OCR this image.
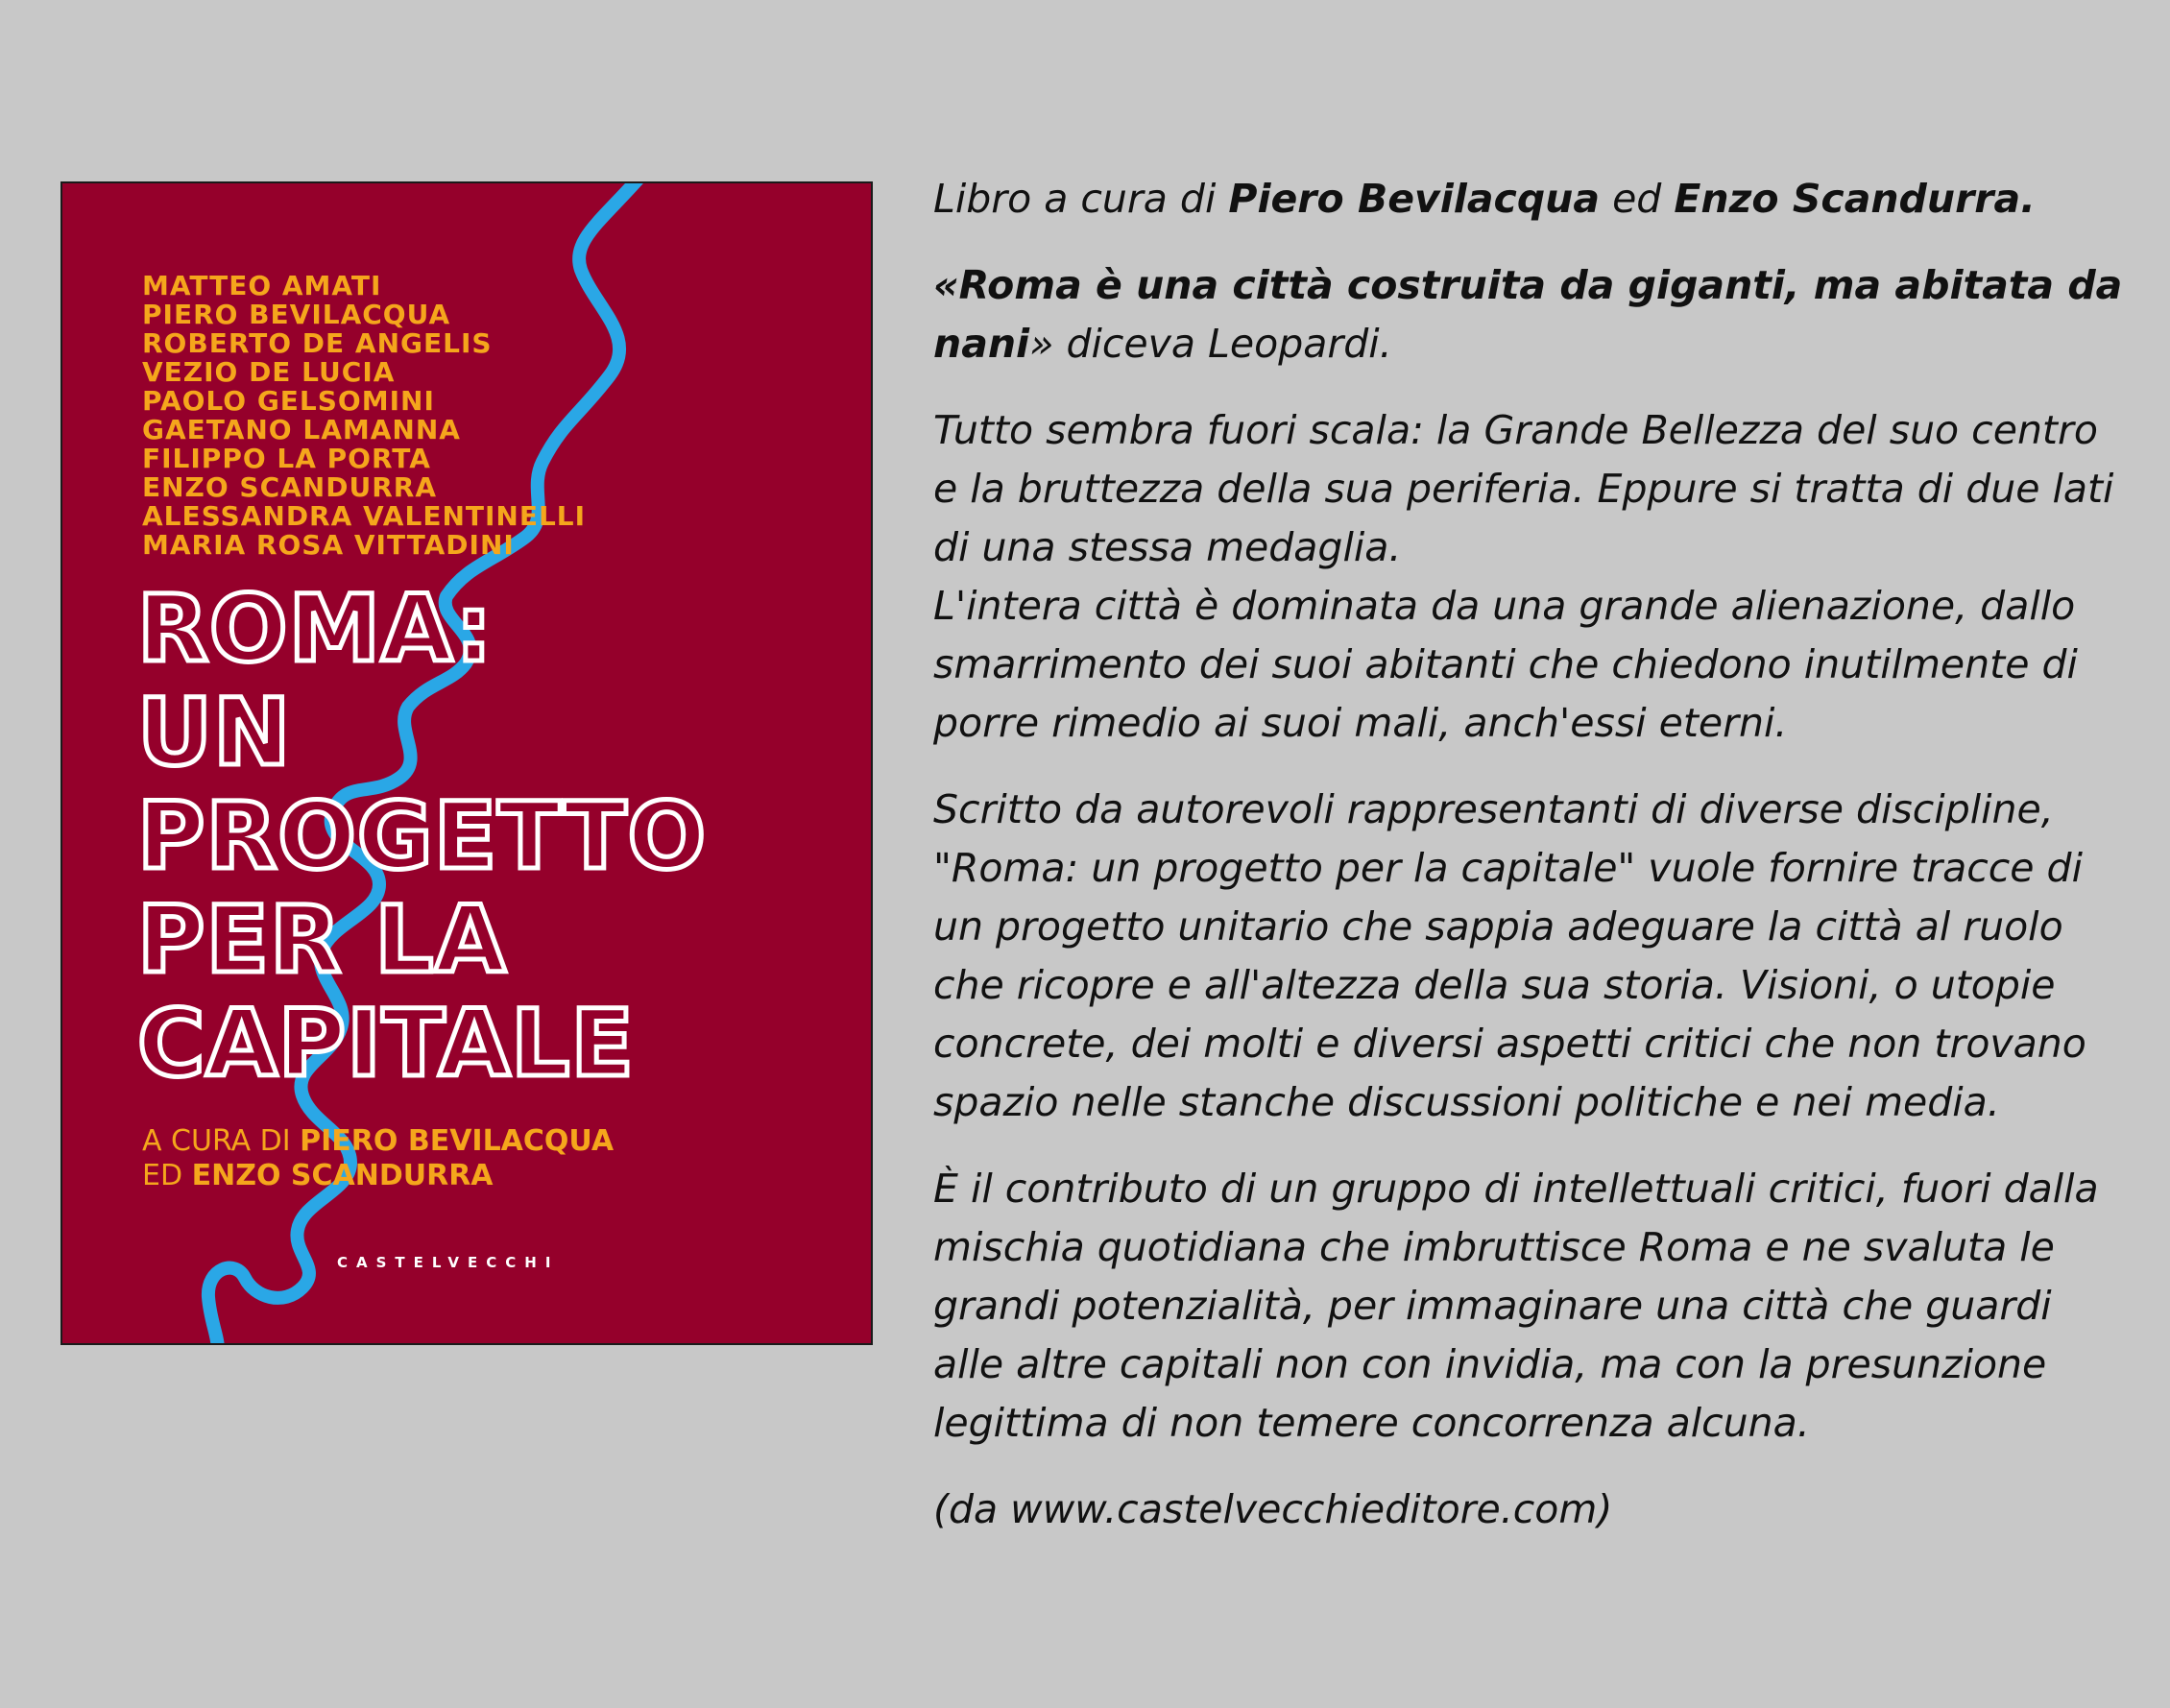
MATTEO AMATI
PIERO BEVILACQUA
ROBERTO DE ANGELIS
VEZIO DE LUCIA
PAOLO GELSOMINI
GAETANO LAMANNA
FILIPPO LA PORTA
ENZO SCANDURRA
ALESSANDRA VALENTINELLI
MARIA ROSA VITTADINI
ROMA:
UN
PROGETTO
PER LA
CAPITALE
A CURA DI PIERO BEVILACQUA
ED ENZO SCANDURRA
CASTELVECCHI

Libro a cura di Piero Bevilacqua ed Enzo Scandurra.

«Roma è una città costruita da giganti, ma abitata da nani» diceva Leopardi.

Tutto sembra fuori scala: la Grande Bellezza del suo centro e la bruttezza della sua periferia. Eppure si tratta di due lati di una stessa medaglia.
L'intera città è dominata da una grande alienazione, dallo smarrimento dei suoi abitanti che chiedono inutilmente di porre rimedio ai suoi mali, anch'essi eterni.

Scritto da autorevoli rappresentanti di diverse discipline, "Roma: un progetto per la capitale" vuole fornire tracce di un progetto unitario che sappia adeguare la città al ruolo che ricopre e all'altezza della sua storia. Visioni, o utopie concrete, dei molti e diversi aspetti critici che non trovano spazio nelle stanche discussioni politiche e nei media.

È il contributo di un gruppo di intellettuali critici, fuori dalla mischia quotidiana che imbruttisce Roma e ne svaluta le grandi potenzialità, per immaginare una città che guardi alle altre capitali non con invidia, ma con la presunzione legittima di non temere concorrenza alcuna.

(da www.castelvecchieditore.com)
